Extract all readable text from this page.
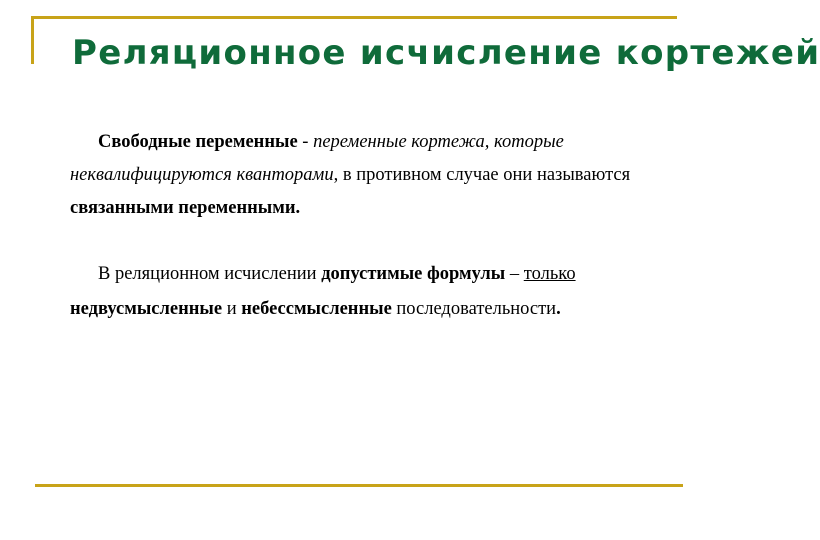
Реляционное исчисление кортежей

Свободные переменные - переменные кортежа, которые неквалифицируются кванторами, в противном случае они называются связанными переменными.

В реляционном исчислении допустимые формулы – только недвусмысленные и небессмысленные последовательности.
